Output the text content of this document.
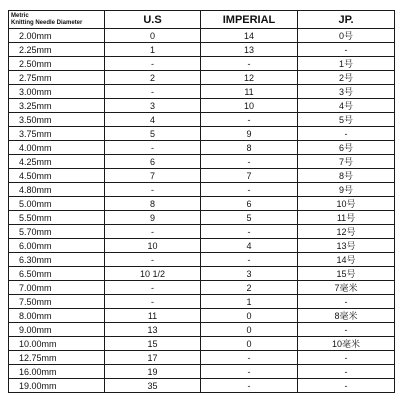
Metric
Knitting Needle Diameter	U.S	IMPERIAL	JP.
2.00mm	0	14	0号
2.25mm	1	13	-
2.50mm	-	-	1号
2.75mm	2	12	2号
3.00mm	-	11	3号
3.25mm	3	10	4号
3.50mm	4	-	5号
3.75mm	5	9	-
4.00mm	-	8	6号
4.25mm	6	-	7号
4.50mm	7	7	8号
4.80mm	-	-	9号
5.00mm	8	6	10号
5.50mm	9	5	11号
5.70mm	-	-	12号
6.00mm	10	4	13号
6.30mm	-	-	14号
6.50mm	10 1/2	3	15号
7.00mm	-	2	7毫米
7.50mm	-	1	-
8.00mm	11	0	8毫米
9.00mm	13	0	-
10.00mm	15	0	10毫米
12.75mm	17	-	-
16.00mm	19	-	-
19.00mm	35	-	-
